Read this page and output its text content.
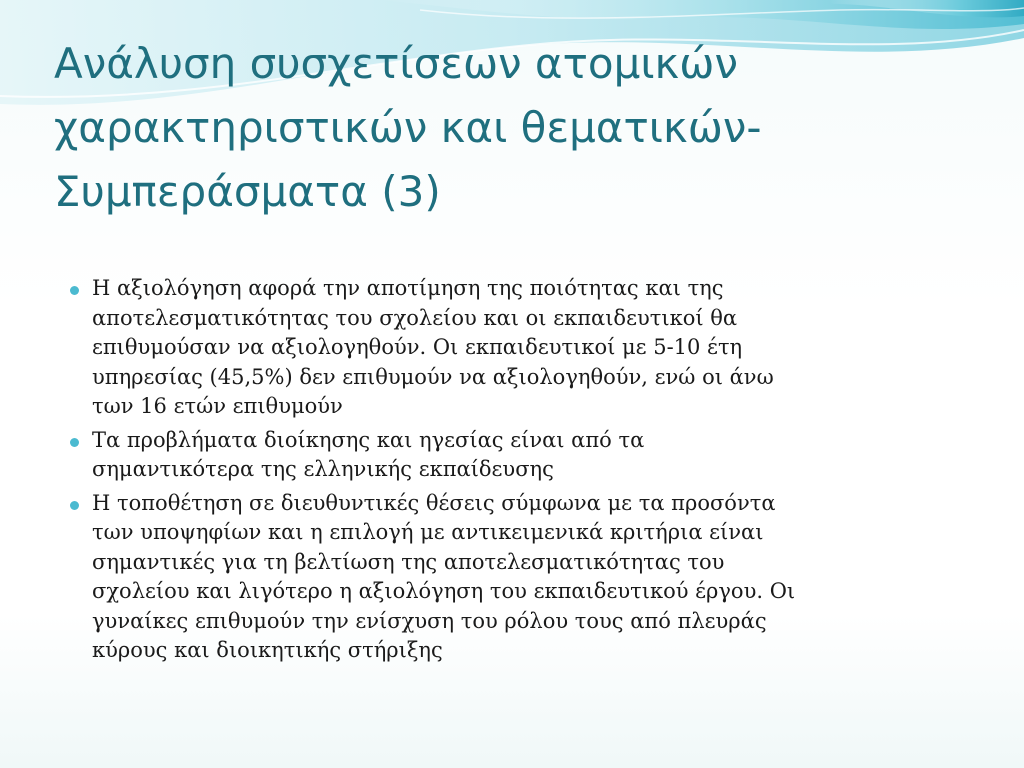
Ανάλυση συσχετίσεων ατομικών
χαρακτηριστικών και θεματικών-
Συμπεράσματα (3)
Η αξιολόγηση αφορά την αποτίμηση της ποιότητας και της
αποτελεσματικότητας του σχολείου και οι εκπαιδευτικοί θα
επιθυμούσαν να αξιολογηθούν. Οι εκπαιδευτικοί με 5-10 έτη
υπηρεσίας (45,5%) δεν επιθυμούν να αξιολογηθούν, ενώ οι άνω
των 16 ετών επιθυμούν
Τα προβλήματα διοίκησης και ηγεσίας είναι από τα
σημαντικότερα της ελληνικής εκπαίδευσης
Η τοποθέτηση σε διευθυντικές θέσεις σύμφωνα με τα προσόντα
των υποψηφίων και η επιλογή με αντικειμενικά κριτήρια είναι
σημαντικές για τη βελτίωση της αποτελεσματικότητας του
σχολείου και λιγότερο η αξιολόγηση του εκπαιδευτικού έργου. Οι
γυναίκες επιθυμούν την ενίσχυση του ρόλου τους από πλευράς
κύρους και διοικητικής στήριξης
